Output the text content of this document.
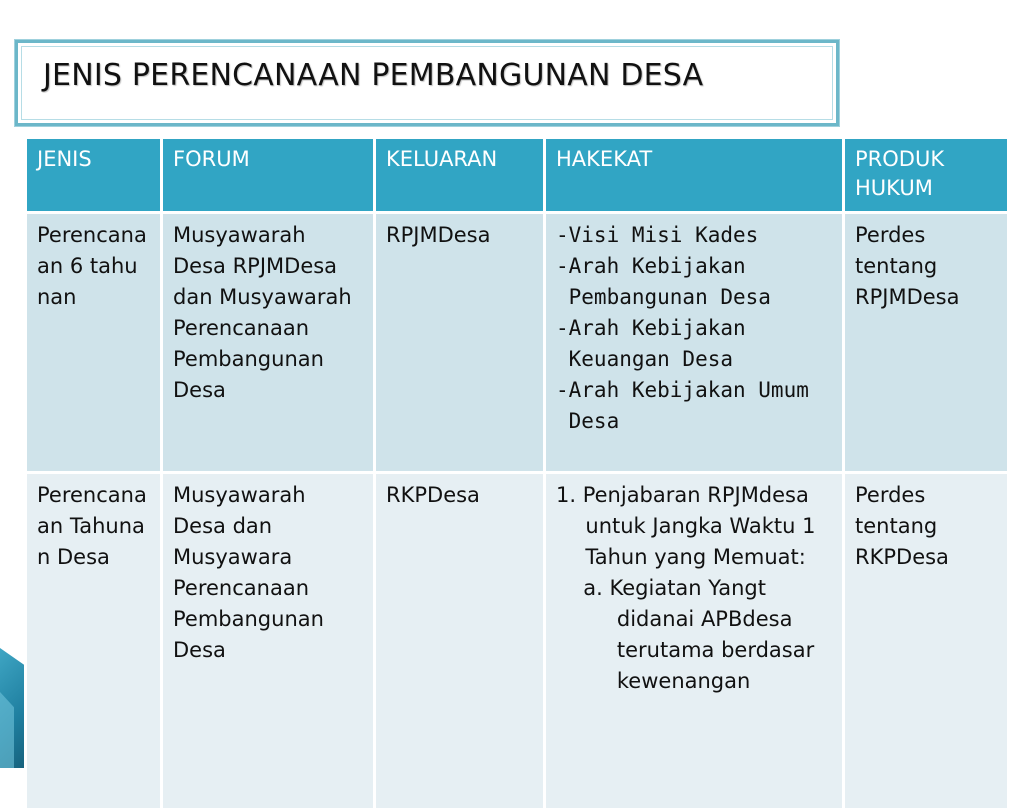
JENIS PERENCANAAN PEMBANGUNAN DESA
JENIS	FORUM	KELUARAN	HAKEKAT	PRODUK HUKUM
Perencanaan 6 tahunan	Musyawarah Desa RPJMDesa dan Musyawarah Perencanaan Pembangunan Desa	RPJMDesa	-Visi Misi Kades
-Arah Kebijakan Pembangunan Desa
-Arah Kebijakan Keuangan Desa
-Arah Kebijakan Umum Desa	Perdes tentang RPJMDesa
Perencanaan Tahunan Desa	Musyawarah Desa dan Musyawara Perencanaan Pembangunan Desa	RKPDesa	1. Penjabaran RPJMdesa untuk Jangka Waktu 1 Tahun yang Memuat:
a. Kegiatan Yangt didanai APBdesa terutama berdasar kewenangan	Perdes tentang RKPDesa
